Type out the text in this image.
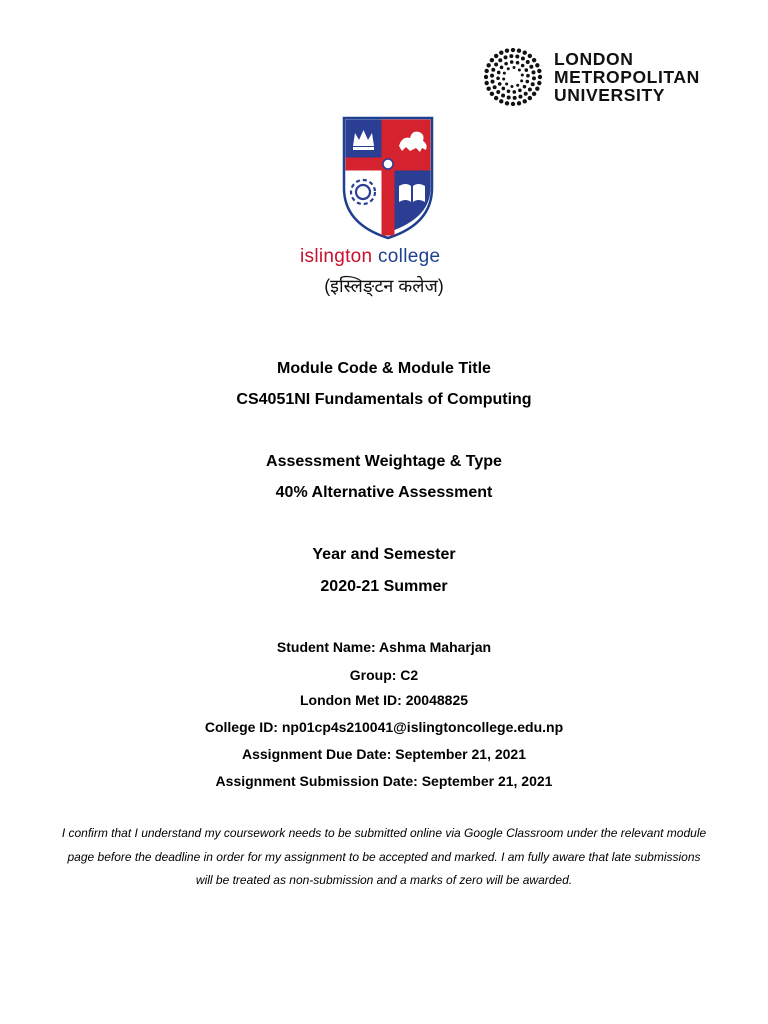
LONDON
METROPOLITAN
UNIVERSITY
islington college
(इस्लिङ्टन कलेज)
Module Code & Module Title
CS4051NI Fundamentals of Computing
Assessment Weightage & Type
40% Alternative Assessment
Year and Semester
2020-21 Summer
Student Name: Ashma Maharjan
Group: C2
London Met ID: 20048825
College ID: np01cp4s210041@islingtoncollege.edu.np
Assignment Due Date: September 21, 2021
Assignment Submission Date: September 21, 2021
I confirm that I understand my coursework needs to be submitted online via Google Classroom under the relevant module page before the deadline in order for my assignment to be accepted and marked. I am fully aware that late submissions will be treated as non-submission and a marks of zero will be awarded.
